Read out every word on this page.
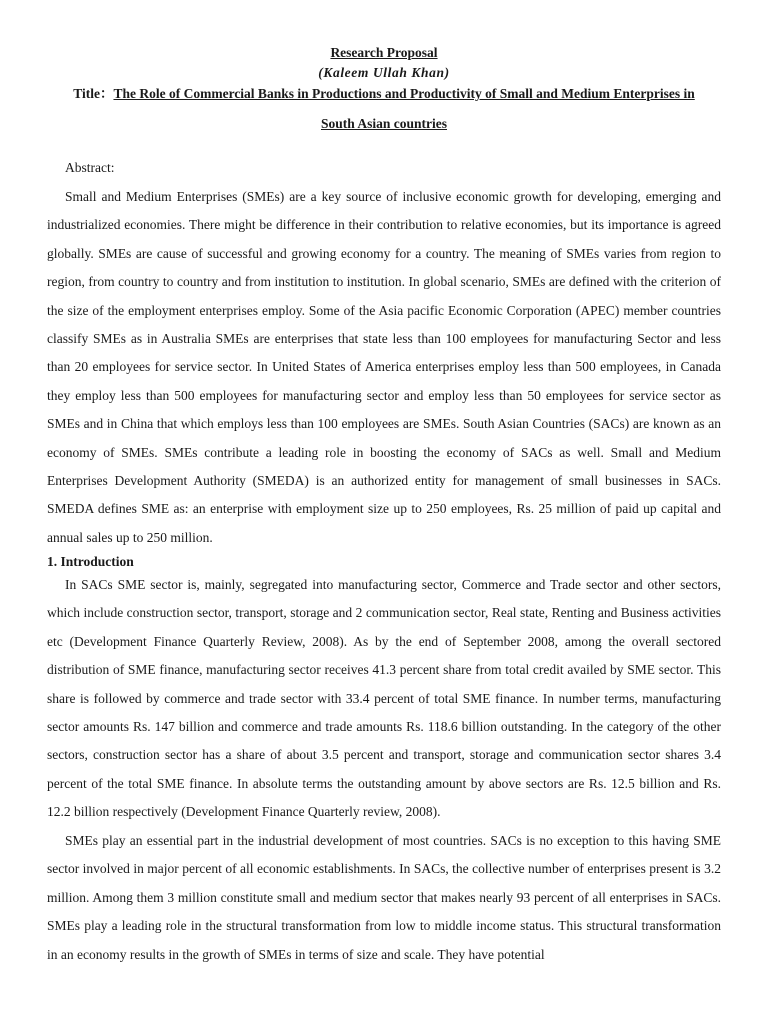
Research Proposal
(Kaleem Ullah Khan)
Title：The Role of Commercial Banks in Productions and Productivity of Small and Medium Enterprises in
South Asian countries
Abstract:

Small and Medium Enterprises (SMEs) are a key source of inclusive economic growth for developing, emerging and industrialized economies. There might be difference in their contribution to relative economies, but its importance is agreed globally. SMEs are cause of successful and growing economy for a country. The meaning of SMEs varies from region to region, from country to country and from institution to institution. In global scenario, SMEs are defined with the criterion of the size of the employment enterprises employ. Some of the Asia pacific Economic Corporation (APEC) member countries classify SMEs as in Australia SMEs are enterprises that state less than 100 employees for manufacturing Sector and less than 20 employees for service sector. In United States of America enterprises employ less than 500 employees, in Canada they employ less than 500 employees for manufacturing sector and employ less than 50 employees for service sector as SMEs and in China that which employs less than 100 employees are SMEs. South Asian Countries (SACs) are known as an economy of SMEs. SMEs contribute a leading role in boosting the economy of SACs as well. Small and Medium Enterprises Development Authority (SMEDA) is an authorized entity for management of small businesses in SACs. SMEDA defines SME as: an enterprise with employment size up to 250 employees, Rs. 25 million of paid up capital and annual sales up to 250 million.

1. Introduction

In SACs SME sector is, mainly, segregated into manufacturing sector, Commerce and Trade sector and other sectors, which include construction sector, transport, storage and 2 communication sector, Real state, Renting and Business activities etc (Development Finance Quarterly Review, 2008). As by the end of September 2008, among the overall sectored distribution of SME finance, manufacturing sector receives 41.3 percent share from total credit availed by SME sector. This share is followed by commerce and trade sector with 33.4 percent of total SME finance. In number terms, manufacturing sector amounts Rs. 147 billion and commerce and trade amounts Rs. 118.6 billion outstanding. In the category of the other sectors, construction sector has a share of about 3.5 percent and transport, storage and communication sector shares 3.4 percent of the total SME finance. In absolute terms the outstanding amount by above sectors are Rs. 12.5 billion and Rs. 12.2 billion respectively (Development Finance Quarterly review, 2008).

SMEs play an essential part in the industrial development of most countries. SACs is no exception to this having SME sector involved in major percent of all economic establishments. In SACs, the collective number of enterprises present is 3.2 million. Among them 3 million constitute small and medium sector that makes nearly 93 percent of all enterprises in SACs. SMEs play a leading role in the structural transformation from low to middle income status. This structural transformation in an economy results in the growth of SMEs in terms of size and scale. They have potential
